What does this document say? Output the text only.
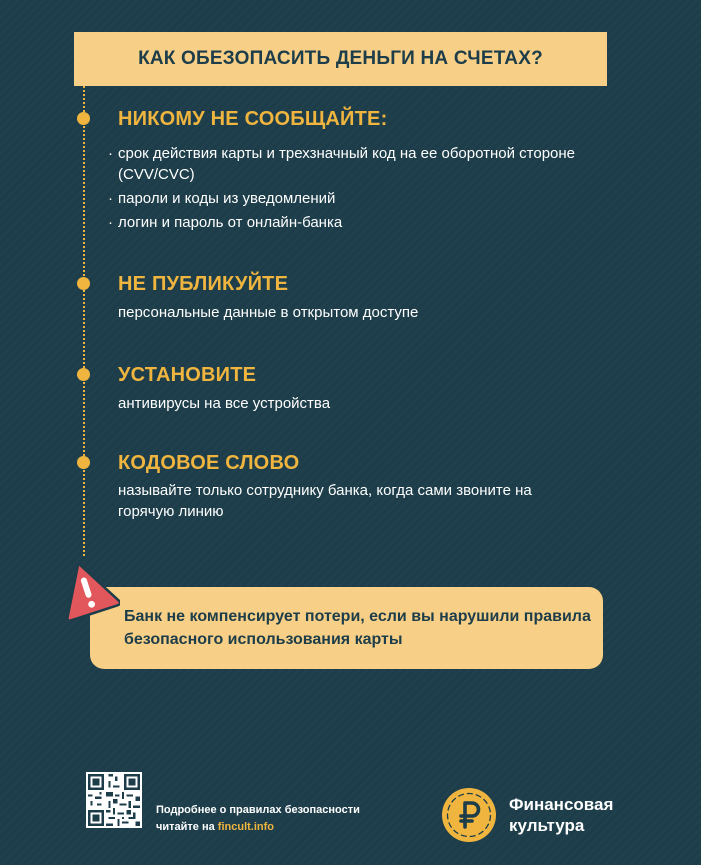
КАК ОБЕЗОПАСИТЬ ДЕНЬГИ НА СЧЕТАХ?
НИКОМУ НЕ СООБЩАЙТЕ:
· срок действия карты и трехзначный код на ее оборотной стороне (CVV/CVC)
· пароли и коды из уведомлений
· логин и пароль от онлайн-банка
НЕ ПУБЛИКУЙТЕ
персональные данные в открытом доступе
УСТАНОВИТЕ
антивирусы на все устройства
КОДОВОЕ СЛОВО
называйте только сотруднику банка, когда сами звоните на горячую линию
Банк не компенсирует потери, если вы нарушили правила безопасного использования карты
Подробнее о правилах безопасности
читайте на fincult.info
Финансовая
культура
